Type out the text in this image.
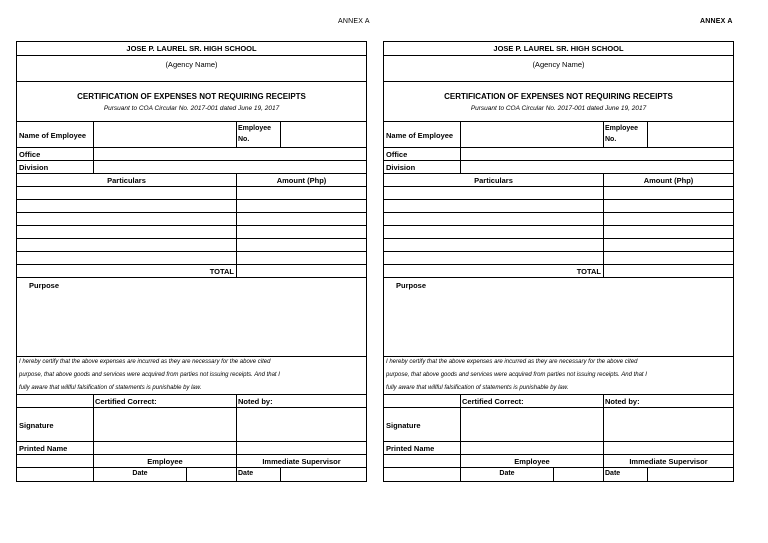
ANNEX A	ANNEX A
JOSE P. LAUREL SR. HIGH SCHOOL
(Agency Name)
CERTIFICATION OF EXPENSES NOT REQUIRING RECEIPTS
Pursuant to COA Circular No. 2017-001 dated June 19, 2017
Name of Employee
Employee No.
Office
Division
Particulars	Amount (Php)
TOTAL
Purpose
I hereby certify that the above expenses are incurred as they are necessary for the above cited
purpose, that above goods and services were acquired from parties not issuing receipts. And that I
fully aware that willful falsification of statements is punishable by law.
Certified Correct:	Noted by:
Signature
Printed Name
Employee	Immediate Supervisor
Date	Date
JOSE P. LAUREL SR. HIGH SCHOOL
(Agency Name)
CERTIFICATION OF EXPENSES NOT REQUIRING RECEIPTS
Pursuant to COA Circular No. 2017-001 dated June 19, 2017
Name of Employee
Employee No.
Office
Division
Particulars	Amount (Php)
TOTAL
Purpose
I hereby certify that the above expenses are incurred as they are necessary for the above cited
purpose, that above goods and services were acquired from parties not issuing receipts. And that I
fully aware that willful falsification of statements is punishable by law.
Certified Correct:	Noted by:
Signature
Printed Name
Employee	Immediate Supervisor
Date	Date
